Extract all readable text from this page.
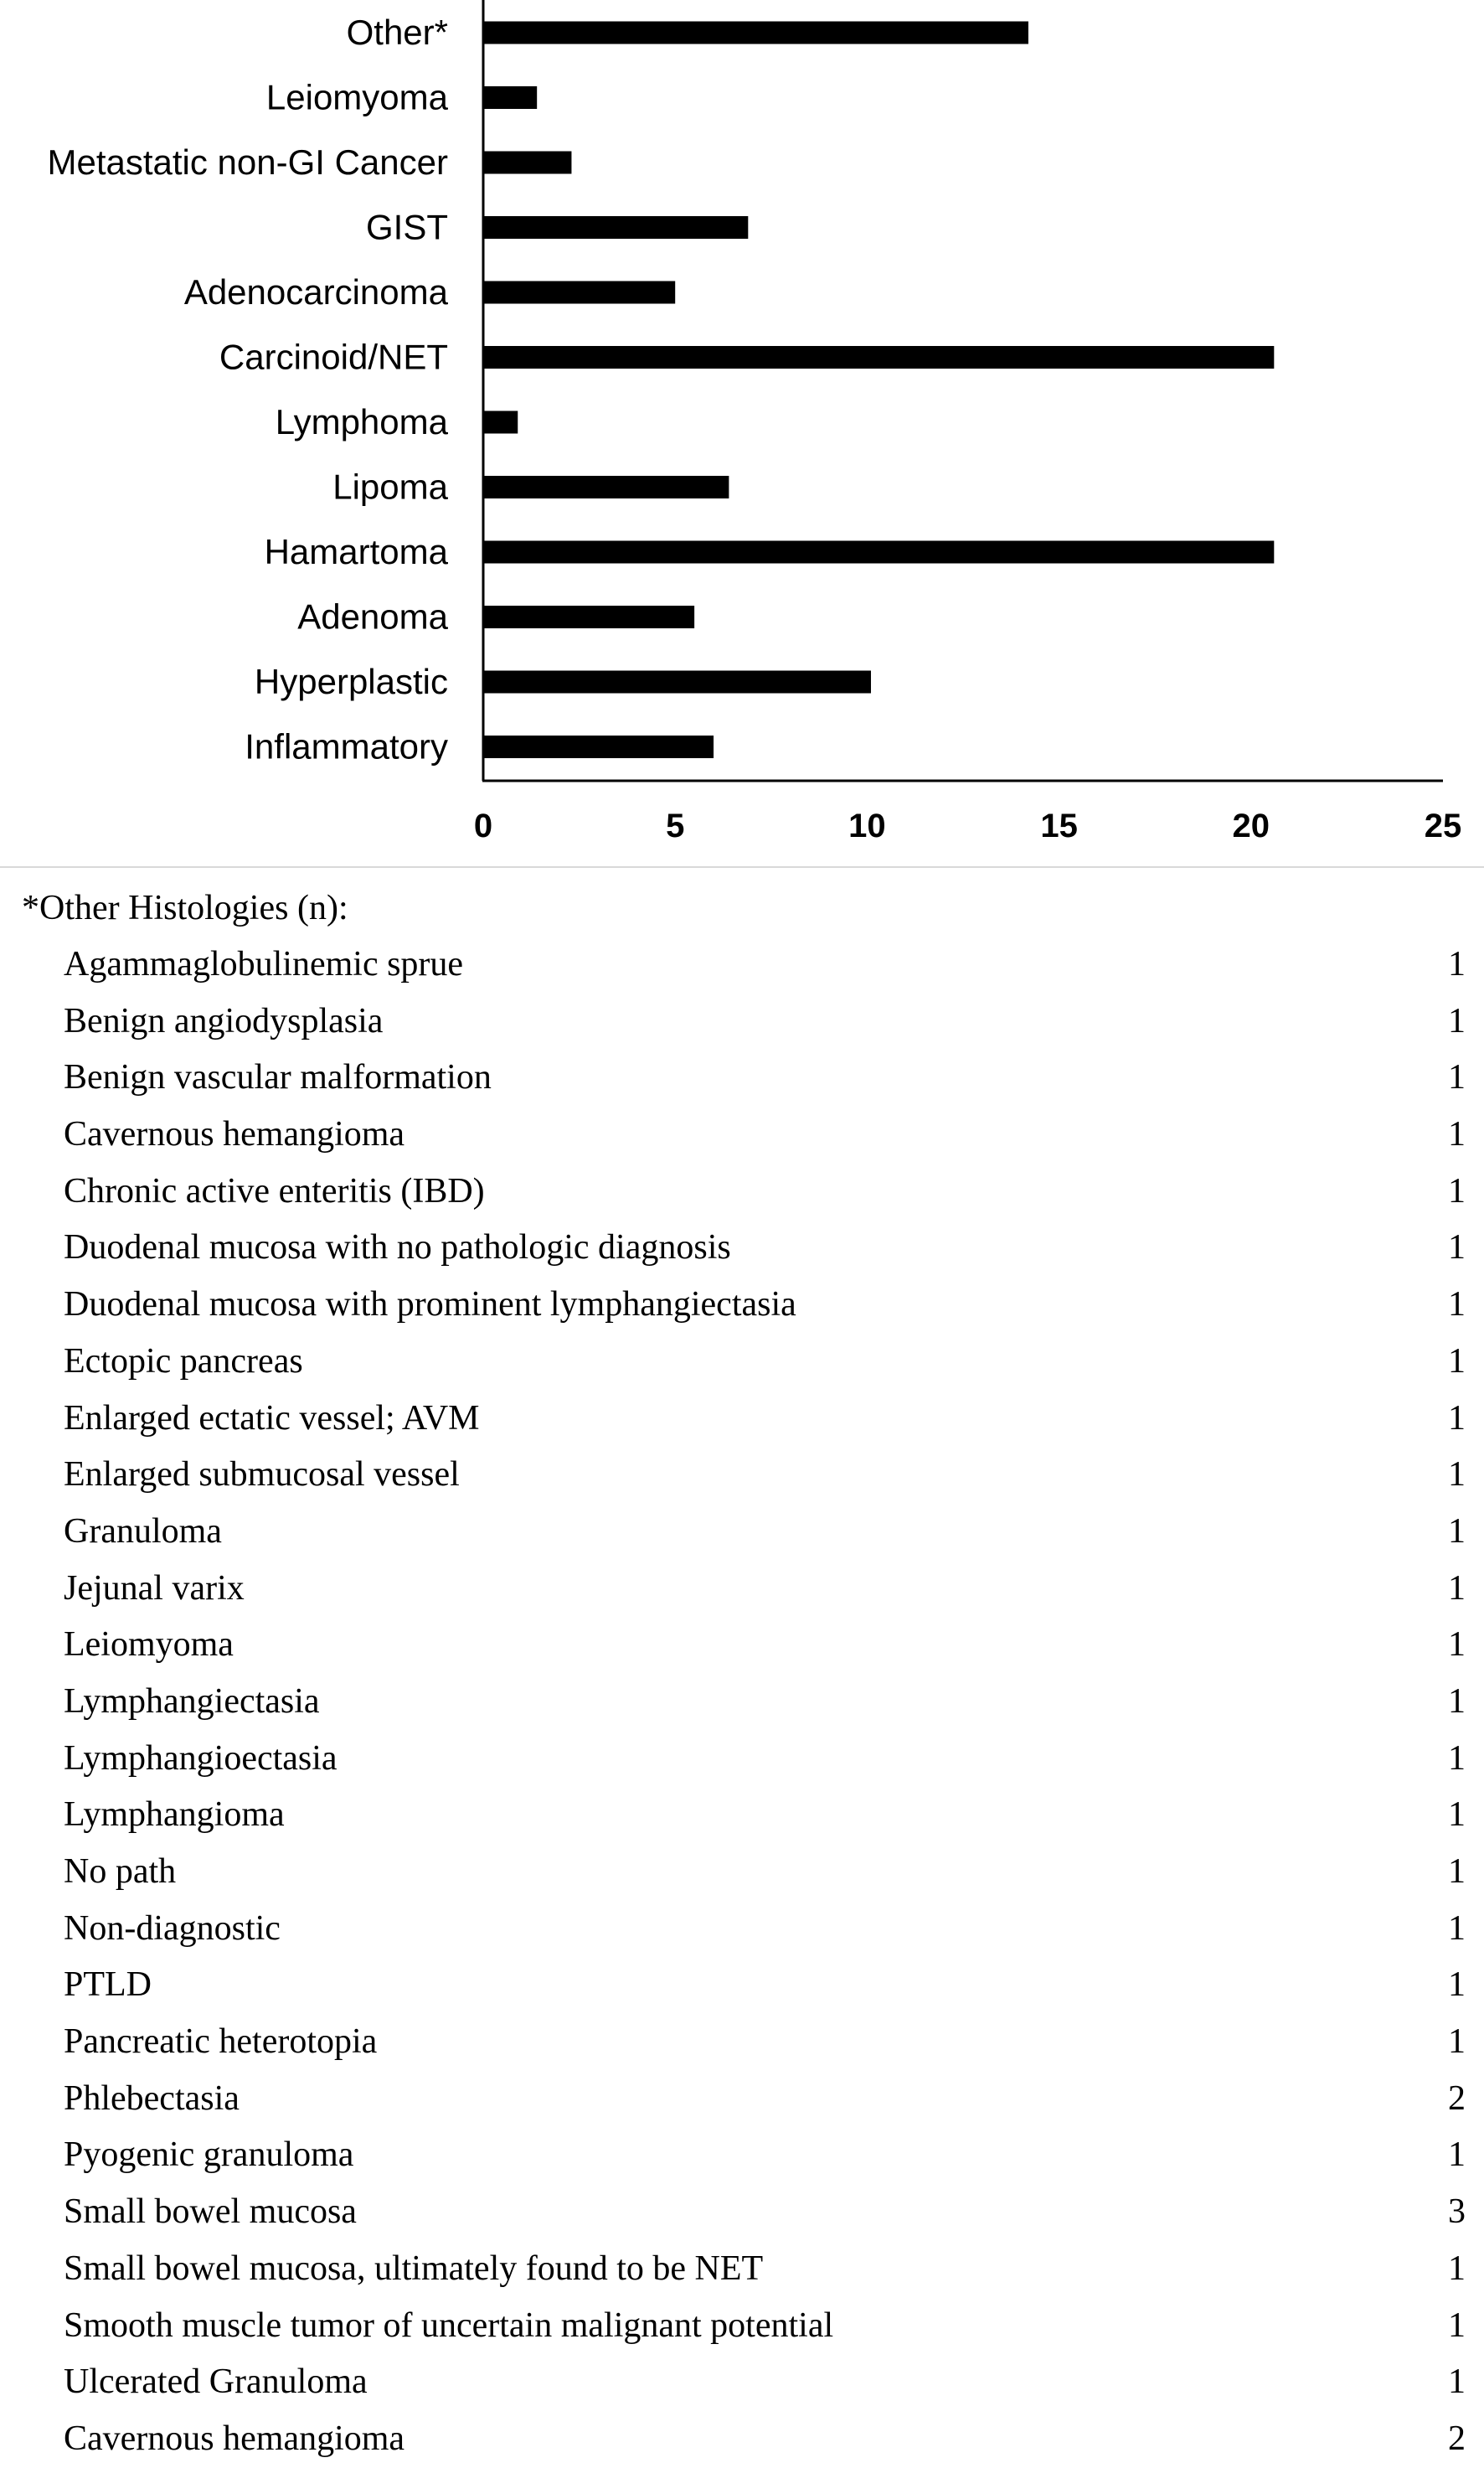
Inflammatory
Hyperplastic
Adenoma
Hamartoma
Lipoma
Lymphoma
Carcinoid/NET
Adenocarcinoma
GIST
Metastatic non-GI Cancer
Leiomyoma
Other*
0	5	10	15	20	25
*Other Histologies (n):
Agammaglobulinemic sprue	1
Benign angiodysplasia	1
Benign vascular malformation	1
Cavernous hemangioma	1
Chronic active enteritis (IBD)	1
Duodenal mucosa with no pathologic diagnosis	1
Duodenal mucosa with prominent lymphangiectasia	1
Ectopic pancreas	1
Enlarged ectatic vessel; AVM	1
Enlarged submucosal vessel	1
Granuloma	1
Jejunal varix	1
Leiomyoma	1
Lymphangiectasia	1
Lymphangioectasia	1
Lymphangioma	1
No path	1
Non-diagnostic	1
PTLD	1
Pancreatic heterotopia	1
Phlebectasia	2
Pyogenic granuloma	1
Small bowel mucosa	3
Small bowel mucosa, ultimately found to be NET	1
Smooth muscle tumor of uncertain malignant potential	1
Ulcerated Granuloma	1
Cavernous hemangioma	2
